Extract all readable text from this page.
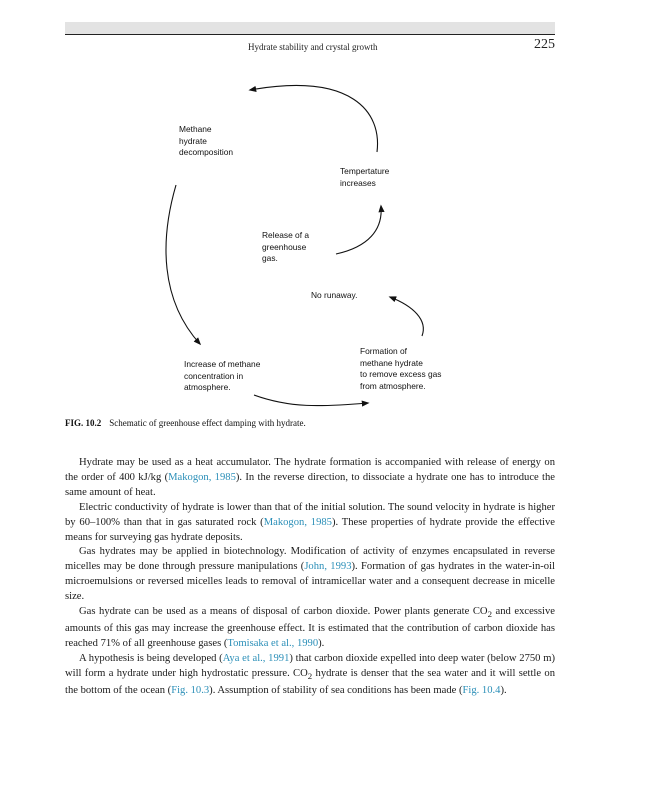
Hydrate stability and crystal growth	225
Methane
hydrate
decomposition
Tempertature
increases
Release of a
greenhouse
gas.
No runaway.
Formation of
methane hydrate
to remove excess gas
from atmosphere.
Increase of methane
concentration in
atmosphere.
FIG. 10.2 Schematic of greenhouse effect damping with hydrate.

Hydrate may be used as a heat accumulator. The hydrate formation is accompanied with release of energy on the order of 400 kJ/kg (Makogon, 1985). In the reverse direction, to dissociate a hydrate one has to introduce the same amount of heat.

Electric conductivity of hydrate is lower than that of the initial solution. The sound velocity in hydrate is higher by 60–100% than that in gas saturated rock (Makogon, 1985). These properties of hydrate provide the effective means for surveying gas hydrate deposits.

Gas hydrates may be applied in biotechnology. Modification of activity of enzymes encapsulated in reverse micelles may be done through pressure manipulations (John, 1993). Formation of gas hydrates in the water-in-oil microemulsions or reversed micelles leads to removal of intramicellar water and a consequent decrease in micelle size.

Gas hydrate can be used as a means of disposal of carbon dioxide. Power plants generate $CO_2$ and excessive amounts of this gas may increase the greenhouse effect. It is estimated that the contribution of carbon dioxide has reached 71% of all greenhouse gases (Tomisaka et al., 1990).

A hypothesis is being developed (Aya et al., 1991) that carbon dioxide expelled into deep water (below 2750 m) will form a hydrate under high hydrostatic pressure. $CO_2$ hydrate is denser that the sea water and it will settle on the bottom of the ocean (Fig. 10.3). Assumption of stability of sea conditions has been made (Fig. 10.4).
